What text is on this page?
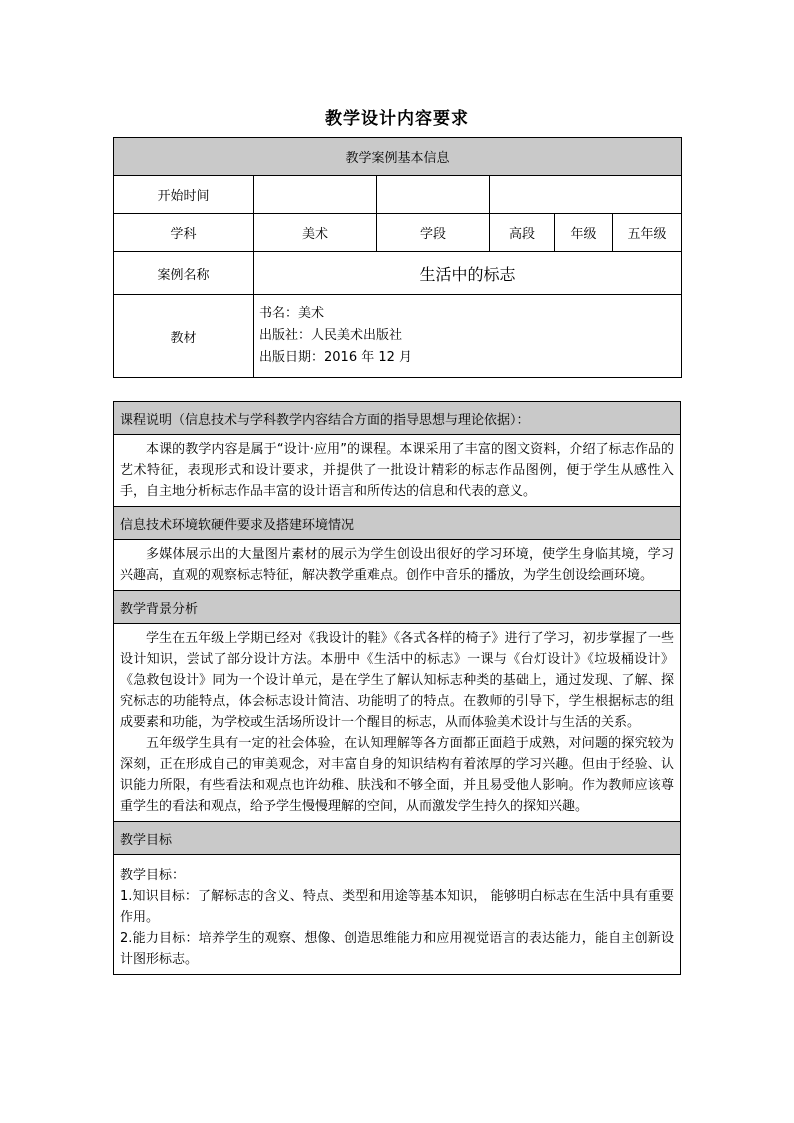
教学设计内容要求
教学案例基本信息					
开始时间					
学科	美术	学段	高段	年级	五年级
案例名称	生活中的标志				
教材	书名：美术
出版社：人民美术出版社
出版日期：2016 年 12 月				
课程说明（信息技术与学科教学内容结合方面的指导思想与理论依据）：

本课的教学内容是属于“设计·应用”的课程。本课采用了丰富的图文资料，介绍了标志作品的艺术特征，表现形式和设计要求，并提供了一批设计精彩的标志作品图例，便于学生从感性入手，自主地分析标志作品丰富的设计语言和所传达的信息和代表的意义。

信息技术环境软硬件要求及搭建环境情况

多媒体展示出的大量图片素材的展示为学生创设出很好的学习环境，使学生身临其境，学习兴趣高，直观的观察标志特征，解决教学重难点。创作中音乐的播放，为学生创设绘画环境。

教学背景分析

学生在五年级上学期已经对《我设计的鞋》《各式各样的椅子》进行了学习，初步掌握了一些设计知识，尝试了部分设计方法。本册中《生活中的标志》一课与《台灯设计》《垃圾桶设计》《急救包设计》同为一个设计单元，是在学生了解认知标志种类的基础上，通过发现、了解、探究标志的功能特点，体会标志设计简洁、功能明了的特点。在教师的引导下，学生根据标志的组成要素和功能，为学校或生活场所设计一个醒目的标志，从而体验美术设计与生活的关系。

五年级学生具有一定的社会体验，在认知理解等各方面都正面趋于成熟，对问题的探究较为深刻，正在形成自己的审美观念，对丰富自身的知识结构有着浓厚的学习兴趣。但由于经验、认识能力所限，有些看法和观点也许幼稚、肤浅和不够全面，并且易受他人影响。作为教师应该尊重学生的看法和观点，给予学生慢慢理解的空间，从而激发学生持久的探知兴趣。

教学目标

教学目标：

1.知识目标：了解标志的含义、特点、类型和用途等基本知识， 能够明白标志在生活中具有重要作用。

2.能力目标：培养学生的观察、想像、创造思维能力和应用视觉语言的表达能力，能自主创新设计图形标志。
